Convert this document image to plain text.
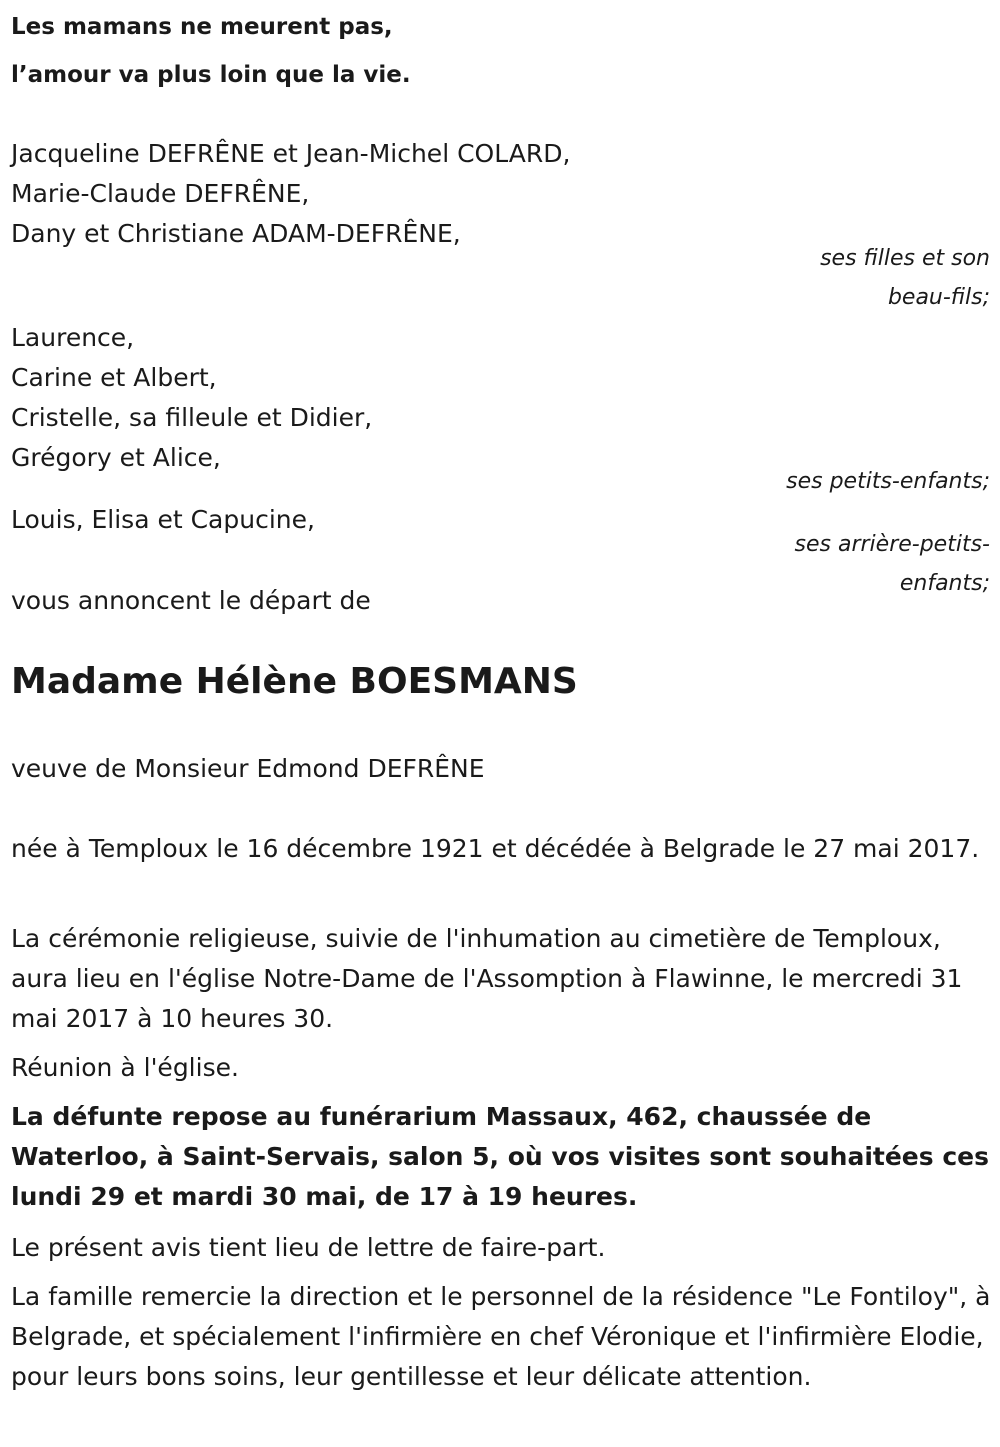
Les mamans ne meurent pas,
l’amour va plus loin que la vie.
Jacqueline DEFRÊNE et Jean-Michel COLARD,
Marie-Claude DEFRÊNE,
Dany et Christiane ADAM-DEFRÊNE,
ses filles et son
beau-fils;
Laurence,
Carine et Albert,
Cristelle, sa filleule et Didier,
Grégory et Alice,
ses petits-enfants;
Louis, Elisa et Capucine,
ses arrière-petits-
enfants;
vous annoncent le départ de
Madame Hélène BOESMANS
veuve de Monsieur Edmond DEFRÊNE
née à Temploux le 16 décembre 1921 et décédée à Belgrade le 27 mai 2017.
La cérémonie religieuse, suivie de l'inhumation au cimetière de Temploux, aura lieu en l'église Notre-Dame de l'Assomption à Flawinne, le mercredi 31 mai 2017 à 10 heures 30.
Réunion à l'église.
La défunte repose au funérarium Massaux, 462, chaussée de Waterloo, à Saint-Servais, salon 5, où vos visites sont souhaitées ces lundi 29 et mardi 30 mai, de 17 à 19 heures.
Le présent avis tient lieu de lettre de faire-part.
La famille remercie la direction et le personnel de la résidence "Le Fontiloy", à Belgrade, et spécialement l'infirmière en chef Véronique et l'infirmière Elodie, pour leurs bons soins, leur gentillesse et leur délicate attention.
